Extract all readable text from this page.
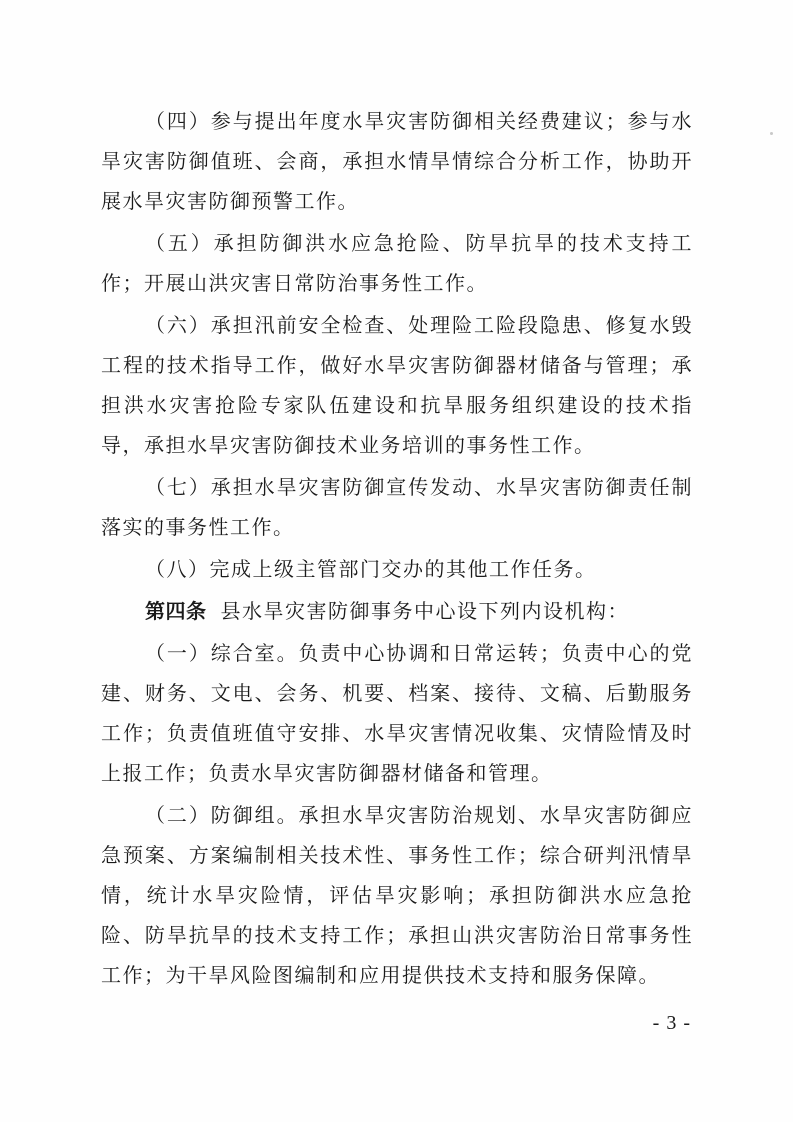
（四）参与提出年度水旱灾害防御相关经费建议；参与水旱灾害防御值班、会商，承担水情旱情综合分析工作，协助开展水旱灾害防御预警工作。

（五）承担防御洪水应急抢险、防旱抗旱的技术支持工作；开展山洪灾害日常防治事务性工作。

（六）承担汛前安全检查、处理险工险段隐患、修复水毁工程的技术指导工作，做好水旱灾害防御器材储备与管理；承担洪水灾害抢险专家队伍建设和抗旱服务组织建设的技术指导，承担水旱灾害防御技术业务培训的事务性工作。

（七）承担水旱灾害防御宣传发动、水旱灾害防御责任制落实的事务性工作。

（八）完成上级主管部门交办的其他工作任务。

第四条 县水旱灾害防御事务中心设下列内设机构：

（一）综合室。负责中心协调和日常运转；负责中心的党建、财务、文电、会务、机要、档案、接待、文稿、后勤服务工作；负责值班值守安排、水旱灾害情况收集、灾情险情及时上报工作；负责水旱灾害防御器材储备和管理。

（二）防御组。承担水旱灾害防治规划、水旱灾害防御应急预案、方案编制相关技术性、事务性工作；综合研判汛情旱情，统计水旱灾险情，评估旱灾影响；承担防御洪水应急抢险、防旱抗旱的技术支持工作；承担山洪灾害防治日常事务性工作；为干旱风险图编制和应用提供技术支持和服务保障。

- 3 -
